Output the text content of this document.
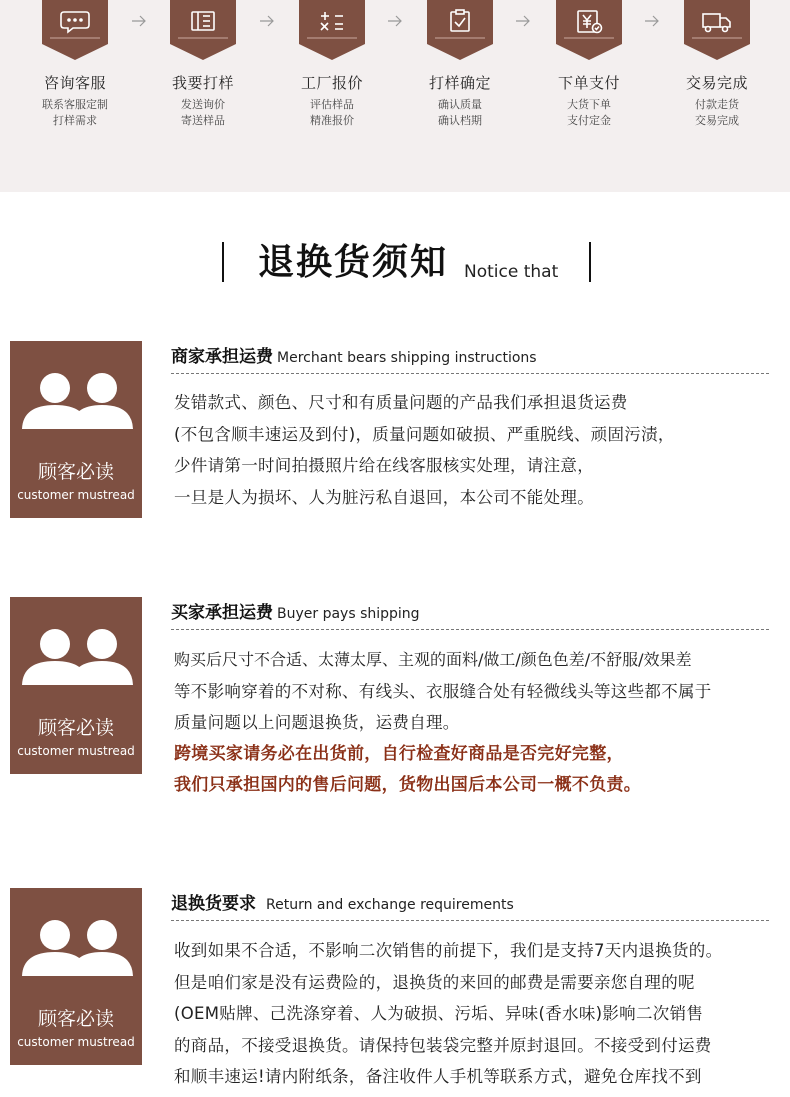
咨询客服
联系客服定制
打样需求
我要打样
发送询价
寄送样品
工厂报价
评估样品
精准报价
打样确定
确认质量
确认档期
下单支付
大货下单
支付定金
交易完成
付款走货
交易完成
退换货须知 Notice that
顾客必读
customer mustread
商家承担运费 Merchant bears shipping instructions
发错款式、颜色、尺寸和有质量问题的产品我们承担退货运费
(不包含顺丰速运及到付)，质量问题如破损、严重脱线、顽固污渍，
少件请第一时间拍摄照片给在线客服核实处理，请注意，
一旦是人为损坏、人为脏污私自退回，本公司不能处理。
顾客必读
customer mustread
买家承担运费 Buyer pays shipping
购买后尺寸不合适、太薄太厚、主观的面料/做工/颜色色差/不舒服/效果差
等不影响穿着的不对称、有线头、衣服缝合处有轻微线头等这些都不属于
质量问题以上问题退换货，运费自理。
跨境买家请务必在出货前，自行检查好商品是否完好完整，
我们只承担国内的售后问题，货物出国后本公司一概不负责。
顾客必读
customer mustread
退换货要求 Return and exchange requirements
收到如果不合适，不影响二次销售的前提下，我们是支持7天内退换货的。
但是咱们家是没有运费险的，退换货的来回的邮费是需要亲您自理的呢
(OEM贴牌、己洗涤穿着、人为破损、污垢、异味(香水味)影响二次销售
的商品，不接受退换货。请保持包装袋完整并原封退回。不接受到付运费
和顺丰速运!请内附纸条，备注收件人手机等联系方式，避免仓库找不到
